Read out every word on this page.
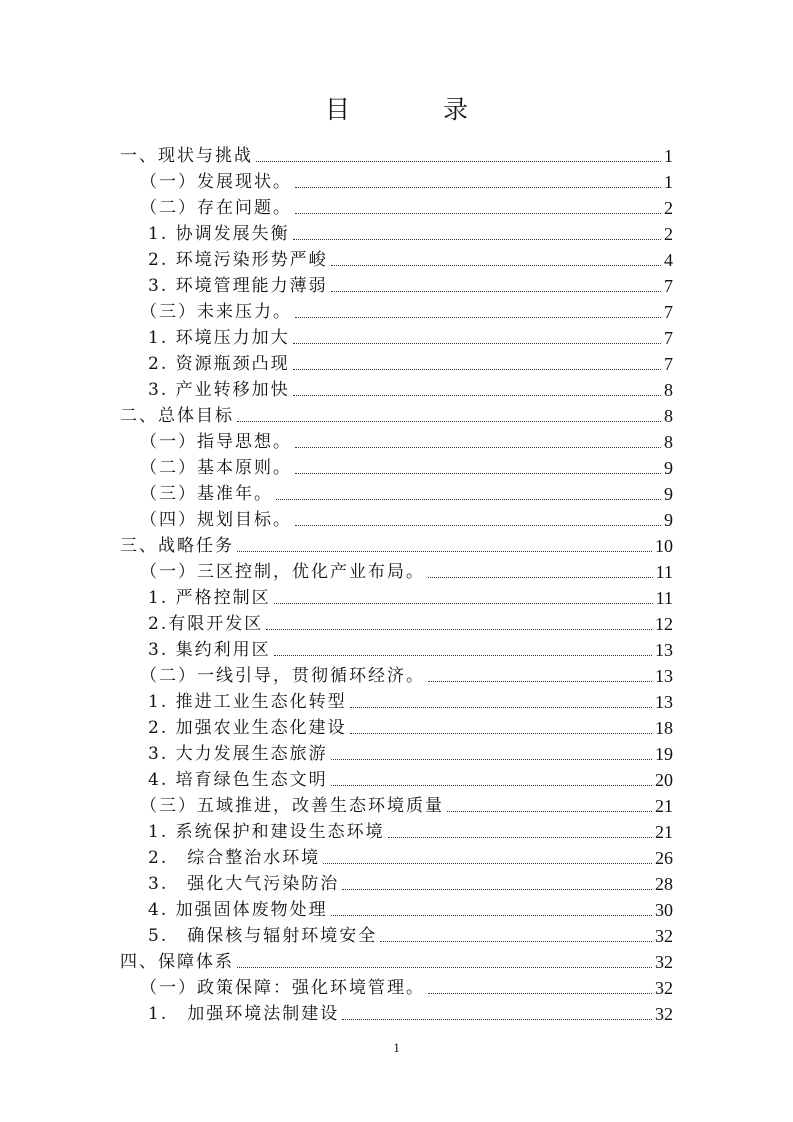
目　录
一、现状与挑战	1
（一）发展现状。	1
（二）存在问题。	2
1. 协调发展失衡	2
2. 环境污染形势严峻	4
3. 环境管理能力薄弱	7
（三）未来压力。	7
1. 环境压力加大	7
2. 资源瓶颈凸现	7
3. 产业转移加快	8
二、总体目标	8
（一）指导思想。	8
（二）基本原则。	9
（三）基准年。	9
（四）规划目标。	9
三、战略任务	10
（一）三区控制，优化产业布局。	11
1. 严格控制区	11
2.有限开发区	12
3. 集约利用区	13
（二）一线引导，贯彻循环经济。	13
1. 推进工业生态化转型	13
2. 加强农业生态化建设	18
3. 大力发展生态旅游	19
4. 培育绿色生态文明	20
（三）五域推进，改善生态环境质量	21
1. 系统保护和建设生态环境	21
2.　综合整治水环境	26
3.　强化大气污染防治	28
4. 加强固体废物处理	30
5.　确保核与辐射环境安全	32
四、保障体系	32
（一）政策保障：强化环境管理。	32
1.　加强环境法制建设	32
1
